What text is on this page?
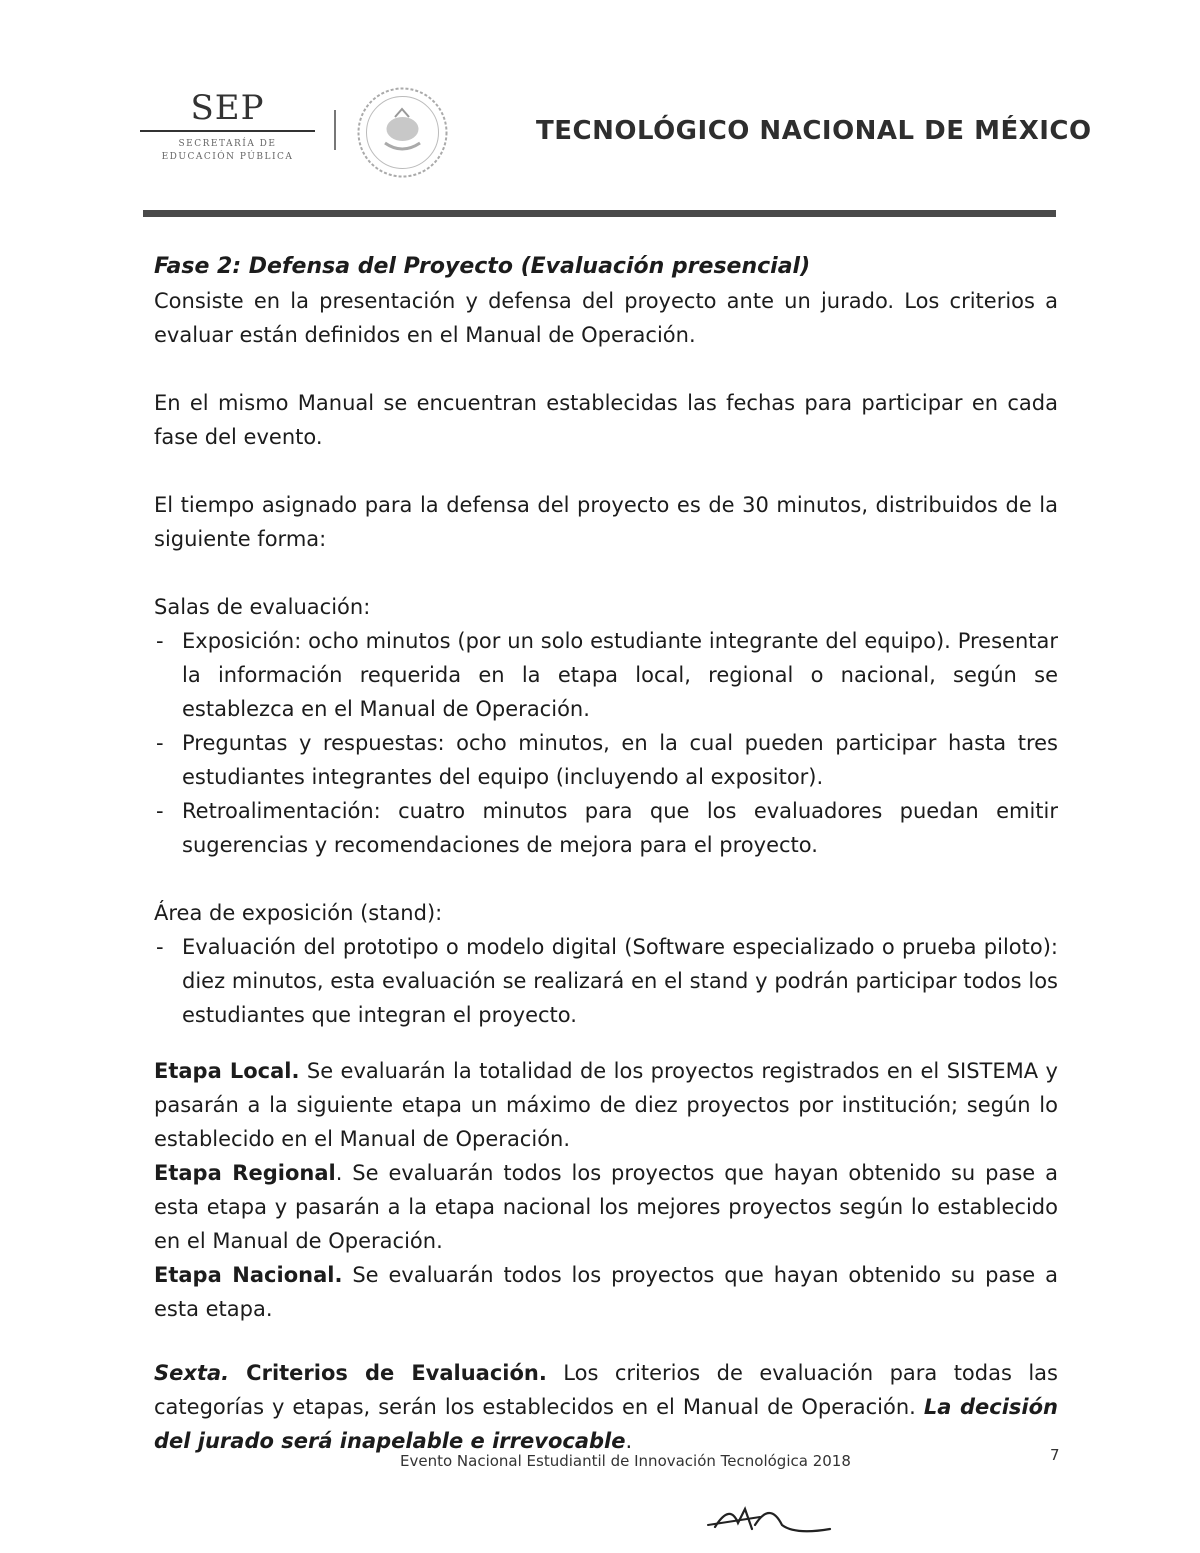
SEP
SECRETARÍA DE
EDUCACIÓN PÚBLICA
TECNOLÓGICO NACIONAL DE MÉXICO

Fase 2: Defensa del Proyecto (Evaluación presencial)

Consiste en la presentación y defensa del proyecto ante un jurado. Los criterios a evaluar están definidos en el Manual de Operación.

En el mismo Manual se encuentran establecidas las fechas para participar en cada fase del evento.

El tiempo asignado para la defensa del proyecto es de 30 minutos, distribuidos de la siguiente forma:

Salas de evaluación:

- Exposición: ocho minutos (por un solo estudiante integrante del equipo). Presentar la información requerida en la etapa local, regional o nacional, según se establezca en el Manual de Operación.
- Preguntas y respuestas: ocho minutos, en la cual pueden participar hasta tres estudiantes integrantes del equipo (incluyendo al expositor).
- Retroalimentación: cuatro minutos para que los evaluadores puedan emitir sugerencias y recomendaciones de mejora para el proyecto.

Área de exposición (stand):

- Evaluación del prototipo o modelo digital (Software especializado o prueba piloto): diez minutos, esta evaluación se realizará en el stand y podrán participar todos los estudiantes que integran el proyecto.

Etapa Local. Se evaluarán la totalidad de los proyectos registrados en el SISTEMA y pasarán a la siguiente etapa un máximo de diez proyectos por institución; según lo establecido en el Manual de Operación.

Etapa Regional. Se evaluarán todos los proyectos que hayan obtenido su pase a esta etapa y pasarán a la etapa nacional los mejores proyectos según lo establecido en el Manual de Operación.

Etapa Nacional. Se evaluarán todos los proyectos que hayan obtenido su pase a esta etapa.

Sexta. Criterios de Evaluación. Los criterios de evaluación para todas las categorías y etapas, serán los establecidos en el Manual de Operación. La decisión del jurado será inapelable e irrevocable.

Evento Nacional Estudiantil de Innovación Tecnológica 2018	7
